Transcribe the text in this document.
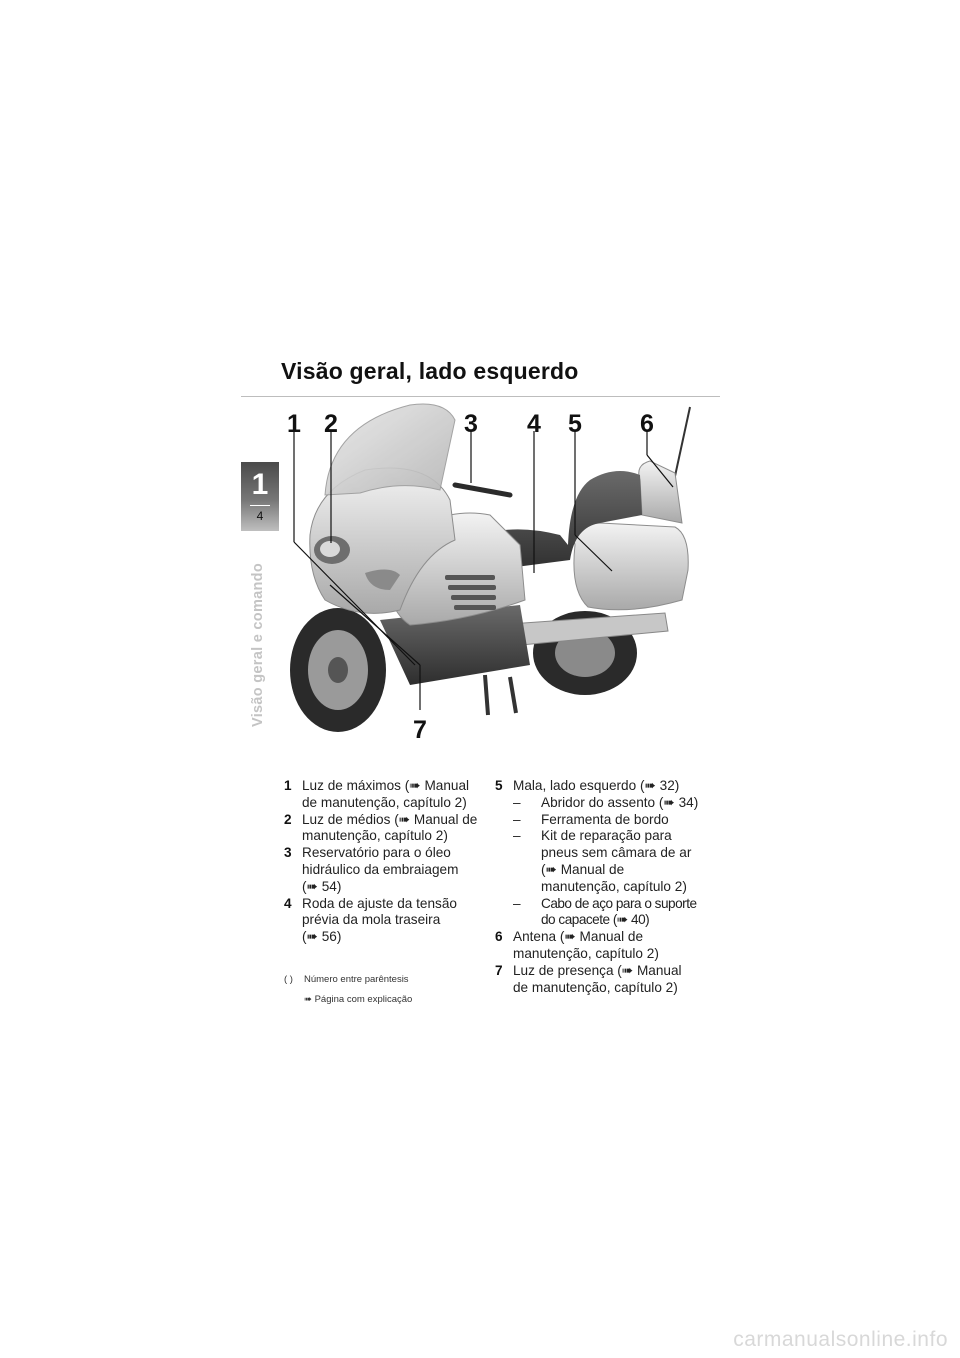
Visão geral, lado esquerdo
1
4
Visão geral e comando
1 2	3 4 5 6
7
1 Luz de máximos (➠ Manual
de manutenção, capítulo 2)
2 Luz de médios (➠ Manual de
manutenção, capítulo 2)
3 Reservatório para o óleo
hidráulico da embraiagem
(➠ 54)
4 Roda de ajuste da tensão
prévia da mola traseira
(➠ 56)
( ) Número entre parêntesis
➠ Página com explicação
5 Mala, lado esquerdo (➠ 32)
– Abridor do assento (➠ 34)
– Ferramenta de bordo
– Kit de reparação para
pneus sem câmara de ar
(➠ Manual de
manutenção, capítulo 2)
– Cabo de aço para o suporte
do capacete (➠ 40)
6 Antena (➠ Manual de
manutenção, capítulo 2)
7 Luz de presença (➠ Manual
de manutenção, capítulo 2)
carmanualsonline.info
